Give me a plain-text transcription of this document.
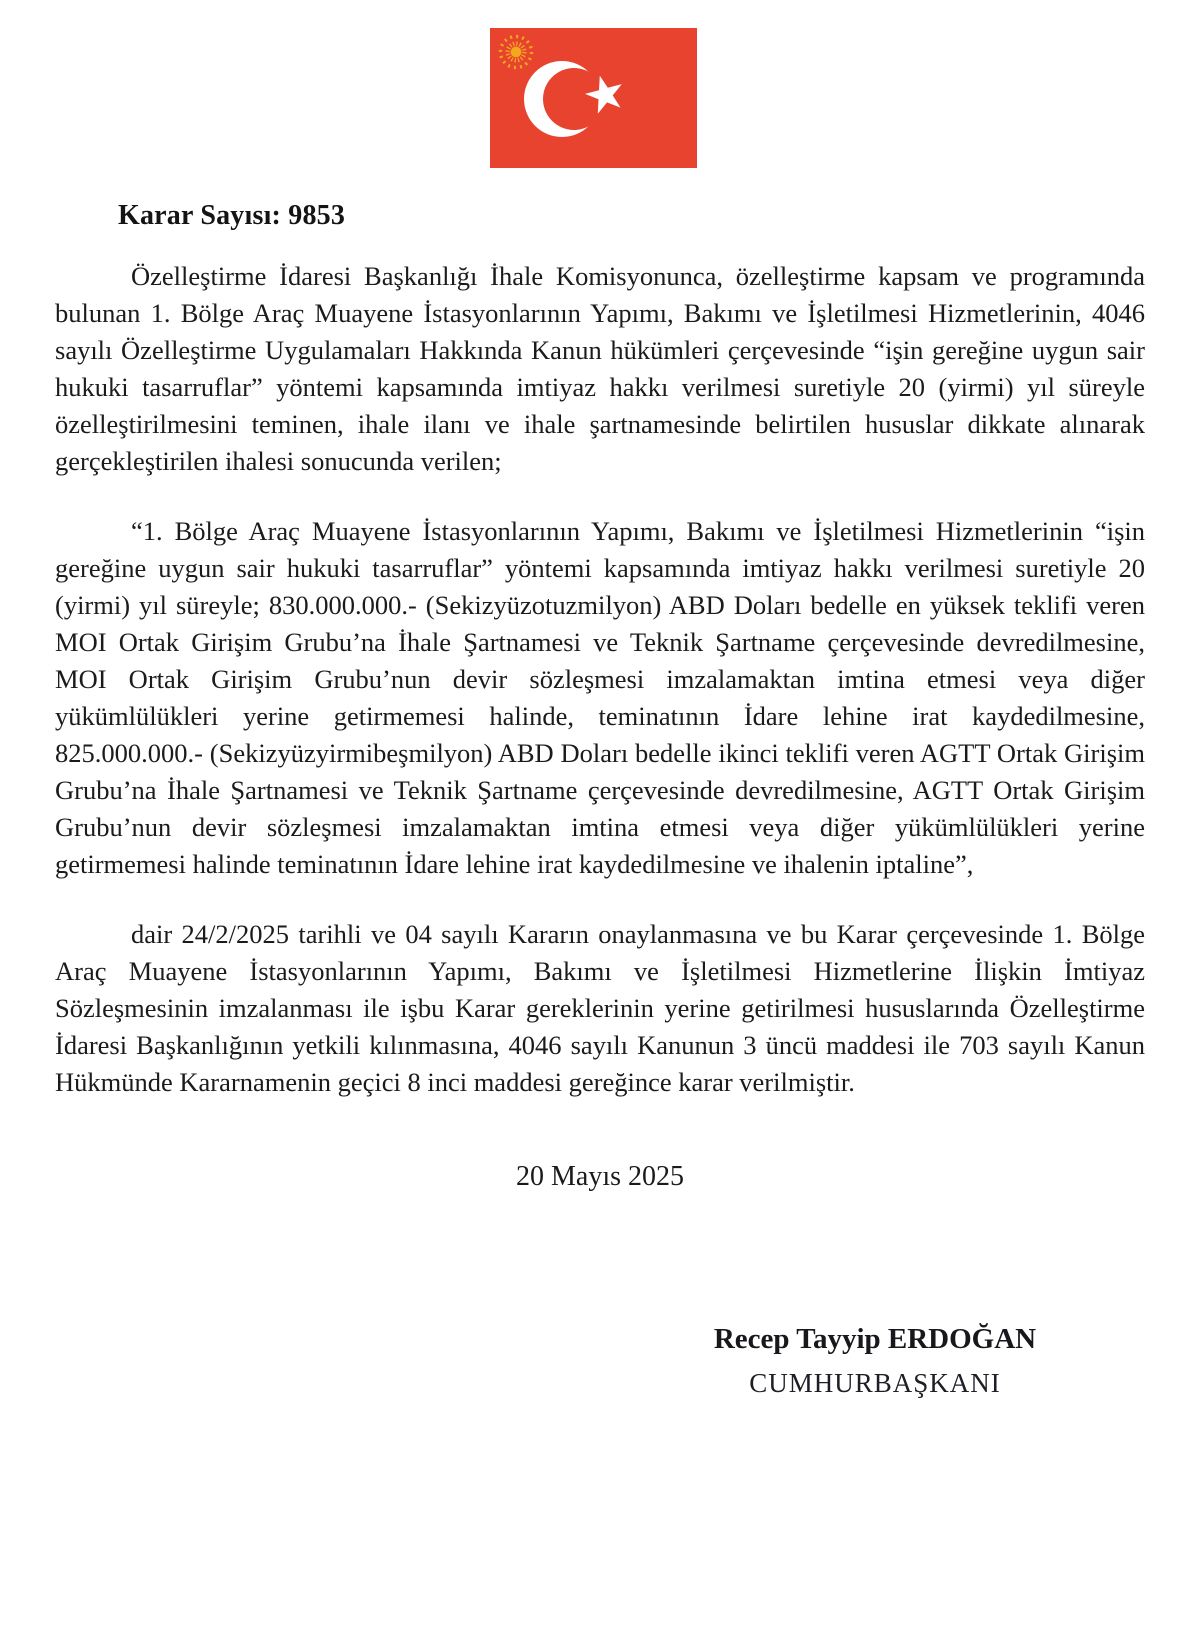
Karar Sayısı: 9853

Özelleştirme İdaresi Başkanlığı İhale Komisyonunca, özelleştirme kapsam ve programında bulunan 1. Bölge Araç Muayene İstasyonlarının Yapımı, Bakımı ve İşletilmesi Hizmetlerinin, 4046 sayılı Özelleştirme Uygulamaları Hakkında Kanun hükümleri çerçevesinde “işin gereğine uygun sair hukuki tasarruflar” yöntemi kapsamında imtiyaz hakkı verilmesi suretiyle 20 (yirmi) yıl süreyle özelleştirilmesini teminen, ihale ilanı ve ihale şartnamesinde belirtilen hususlar dikkate alınarak gerçekleştirilen ihalesi sonucunda verilen;

“1. Bölge Araç Muayene İstasyonlarının Yapımı, Bakımı ve İşletilmesi Hizmetlerinin “işin gereğine uygun sair hukuki tasarruflar” yöntemi kapsamında imtiyaz hakkı verilmesi suretiyle 20 (yirmi) yıl süreyle; 830.000.000.- (Sekizyüzotuzmilyon) ABD Doları bedelle en yüksek teklifi veren MOI Ortak Girişim Grubu’na İhale Şartnamesi ve Teknik Şartname çerçevesinde devredilmesine, MOI Ortak Girişim Grubu’nun devir sözleşmesi imzalamaktan imtina etmesi veya diğer yükümlülükleri yerine getirmemesi halinde, teminatının İdare lehine irat kaydedilmesine, 825.000.000.- (Sekizyüzyirmibeşmilyon) ABD Doları bedelle ikinci teklifi veren AGTT Ortak Girişim Grubu’na İhale Şartnamesi ve Teknik Şartname çerçevesinde devredilmesine, AGTT Ortak Girişim Grubu’nun devir sözleşmesi imzalamaktan imtina etmesi veya diğer yükümlülükleri yerine getirmemesi halinde teminatının İdare lehine irat kaydedilmesine ve ihalenin iptaline”,

dair 24/2/2025 tarihli ve 04 sayılı Kararın onaylanmasına ve bu Karar çerçevesinde 1. Bölge Araç Muayene İstasyonlarının Yapımı, Bakımı ve İşletilmesi Hizmetlerine İlişkin İmtiyaz Sözleşmesinin imzalanması ile işbu Karar gereklerinin yerine getirilmesi hususlarında Özelleştirme İdaresi Başkanlığının yetkili kılınmasına, 4046 sayılı Kanunun 3 üncü maddesi ile 703 sayılı Kanun Hükmünde Kararnamenin geçici 8 inci maddesi gereğince karar verilmiştir.

20 Mayıs 2025
Recep Tayyip ERDOĞAN
CUMHURBAŞKANI
